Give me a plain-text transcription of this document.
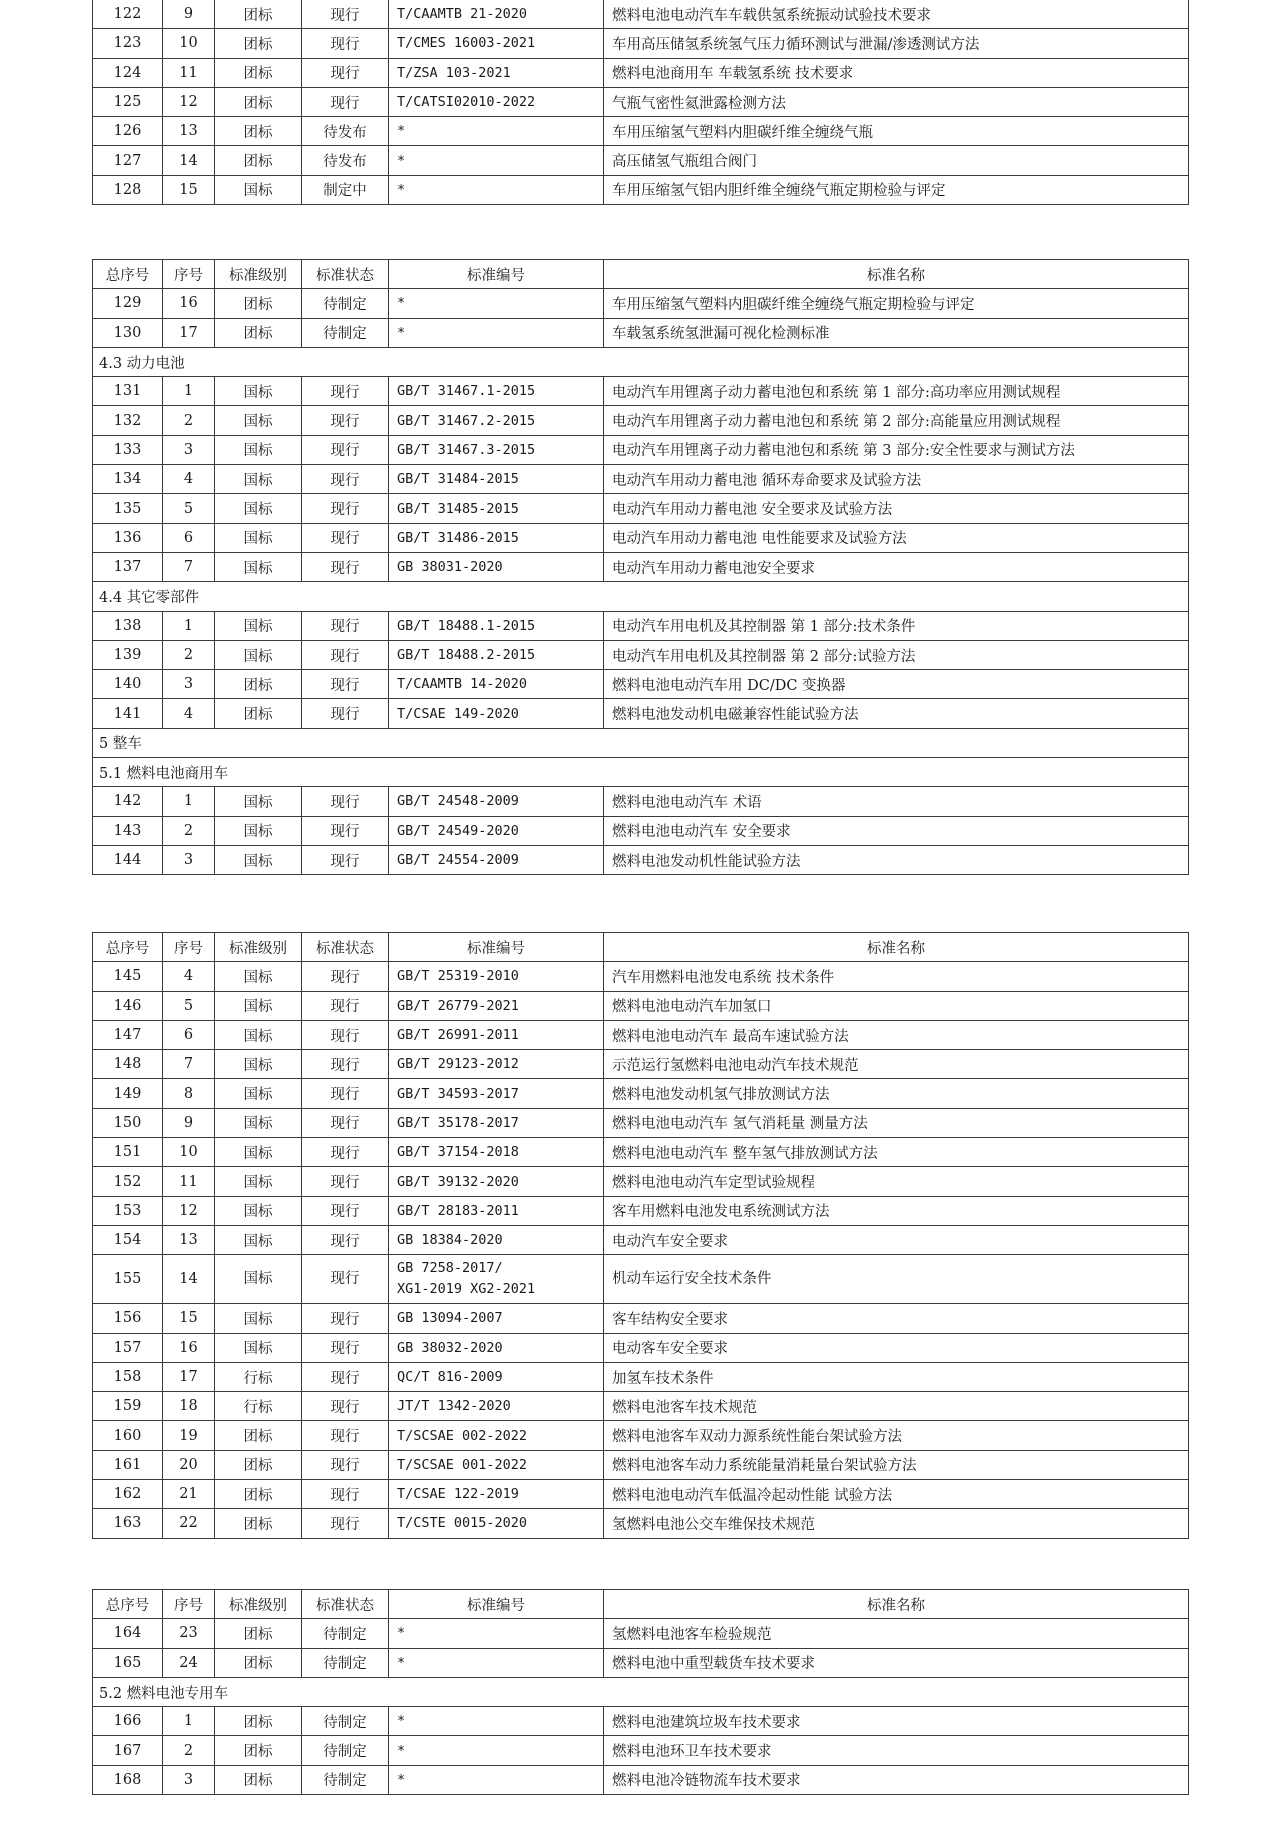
122	9	团标	现行	T/CAAMTB 21-2020	燃料电池电动汽车车载供氢系统振动试验技术要求
123	10	团标	现行	T/CMES 16003-2021	车用高压储氢系统氢气压力循环测试与泄漏/渗透测试方法
124	11	团标	现行	T/ZSA 103-2021	燃料电池商用车 车载氢系统 技术要求
125	12	团标	现行	T/CATSI02010-2022	气瓶气密性氦泄露检测方法
126	13	团标	待发布	*	车用压缩氢气塑料内胆碳纤维全缠绕气瓶
127	14	团标	待发布	*	高压储氢气瓶组合阀门
128	15	国标	制定中	*	车用压缩氢气铝内胆纤维全缠绕气瓶定期检验与评定
总序号	序号	标准级别	标准状态	标准编号	标准名称
129	16	团标	待制定	*	车用压缩氢气塑料内胆碳纤维全缠绕气瓶定期检验与评定
130	17	团标	待制定	*	车载氢系统氢泄漏可视化检测标准
4.3 动力电池					
131	1	国标	现行	GB/T 31467.1-2015	电动汽车用锂离子动力蓄电池包和系统 第 1 部分:高功率应用测试规程
132	2	国标	现行	GB/T 31467.2-2015	电动汽车用锂离子动力蓄电池包和系统 第 2 部分:高能量应用测试规程
133	3	国标	现行	GB/T 31467.3-2015	电动汽车用锂离子动力蓄电池包和系统 第 3 部分:安全性要求与测试方法
134	4	国标	现行	GB/T 31484-2015	电动汽车用动力蓄电池 循环寿命要求及试验方法
135	5	国标	现行	GB/T 31485-2015	电动汽车用动力蓄电池 安全要求及试验方法
136	6	国标	现行	GB/T 31486-2015	电动汽车用动力蓄电池 电性能要求及试验方法
137	7	国标	现行	GB 38031-2020	电动汽车用动力蓄电池安全要求
4.4 其它零部件					
138	1	国标	现行	GB/T 18488.1-2015	电动汽车用电机及其控制器 第 1 部分:技术条件
139	2	国标	现行	GB/T 18488.2-2015	电动汽车用电机及其控制器 第 2 部分:试验方法
140	3	团标	现行	T/CAAMTB 14-2020	燃料电池电动汽车用 DC/DC 变换器
141	4	团标	现行	T/CSAE 149-2020	燃料电池发动机电磁兼容性能试验方法
5 整车					
5.1 燃料电池商用车					
142	1	国标	现行	GB/T 24548-2009	燃料电池电动汽车 术语
143	2	国标	现行	GB/T 24549-2020	燃料电池电动汽车 安全要求
144	3	国标	现行	GB/T 24554-2009	燃料电池发动机性能试验方法
总序号	序号	标准级别	标准状态	标准编号	标准名称
145	4	国标	现行	GB/T 25319-2010	汽车用燃料电池发电系统 技术条件
146	5	国标	现行	GB/T 26779-2021	燃料电池电动汽车加氢口
147	6	国标	现行	GB/T 26991-2011	燃料电池电动汽车 最高车速试验方法
148	7	国标	现行	GB/T 29123-2012	示范运行氢燃料电池电动汽车技术规范
149	8	国标	现行	GB/T 34593-2017	燃料电池发动机氢气排放测试方法
150	9	国标	现行	GB/T 35178-2017	燃料电池电动汽车 氢气消耗量 测量方法
151	10	国标	现行	GB/T 37154-2018	燃料电池电动汽车 整车氢气排放测试方法
152	11	国标	现行	GB/T 39132-2020	燃料电池电动汽车定型试验规程
153	12	国标	现行	GB/T 28183-2011	客车用燃料电池发电系统测试方法
154	13	国标	现行	GB 18384-2020	电动汽车安全要求
155	14	国标	现行	GB 7258-2017/
XG1-2019 XG2-2021	机动车运行安全技术条件
156	15	国标	现行	GB 13094-2007	客车结构安全要求
157	16	国标	现行	GB 38032-2020	电动客车安全要求
158	17	行标	现行	QC/T 816-2009	加氢车技术条件
159	18	行标	现行	JT/T 1342-2020	燃料电池客车技术规范
160	19	团标	现行	T/SCSAE 002-2022	燃料电池客车双动力源系统性能台架试验方法
161	20	团标	现行	T/SCSAE 001-2022	燃料电池客车动力系统能量消耗量台架试验方法
162	21	团标	现行	T/CSAE 122-2019	燃料电池电动汽车低温冷起动性能 试验方法
163	22	团标	现行	T/CSTE 0015-2020	氢燃料电池公交车维保技术规范
总序号	序号	标准级别	标准状态	标准编号	标准名称
164	23	团标	待制定	*	氢燃料电池客车检验规范
165	24	团标	待制定	*	燃料电池中重型载货车技术要求
5.2 燃料电池专用车					
166	1	团标	待制定	*	燃料电池建筑垃圾车技术要求
167	2	团标	待制定	*	燃料电池环卫车技术要求
168	3	团标	待制定	*	燃料电池冷链物流车技术要求
